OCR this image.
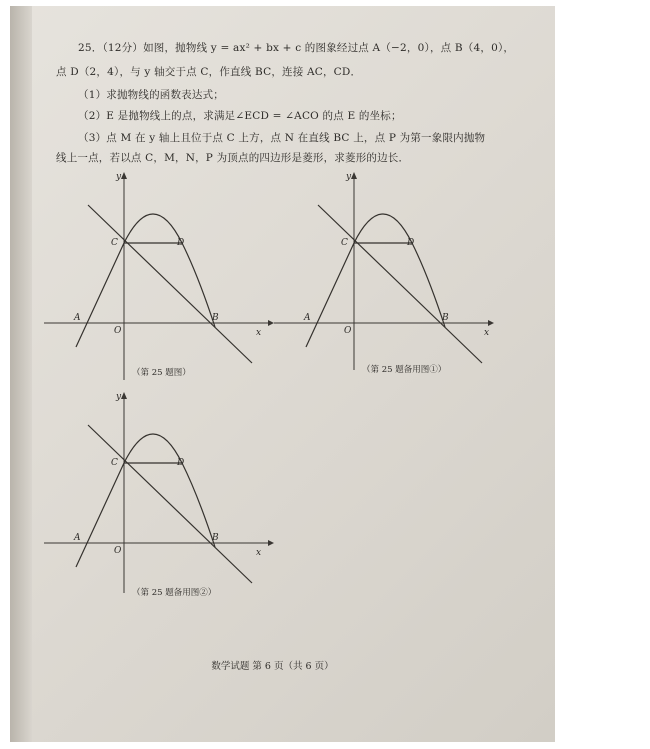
25．（12分）如图，抛物线 y = ax² + bx + c 的图象经过点 A（−2，0），点 B（4，0），
点 D（2，4），与 y 轴交于点 C，作直线 BC，连接 AC，CD．
（1）求抛物线的函数表达式；
（2）E 是抛物线上的点，求满足∠ECD = ∠ACO 的点 E 的坐标；
（3）点 M 在 y 轴上且位于点 C 上方，点 N 在直线 BC 上，点 P 为第一象限内抛物
线上一点，若以点 C，M，N，P 为顶点的四边形是菱形，求菱形的边长．
y
x
C	D
A
O
B
（第 25 题图）
y
x
C	D
A
O
B
（第 25 题备用图①）
y
x
C	D
A
O
B
（第 25 题备用图②）
数学试题 第 6 页（共 6 页）
